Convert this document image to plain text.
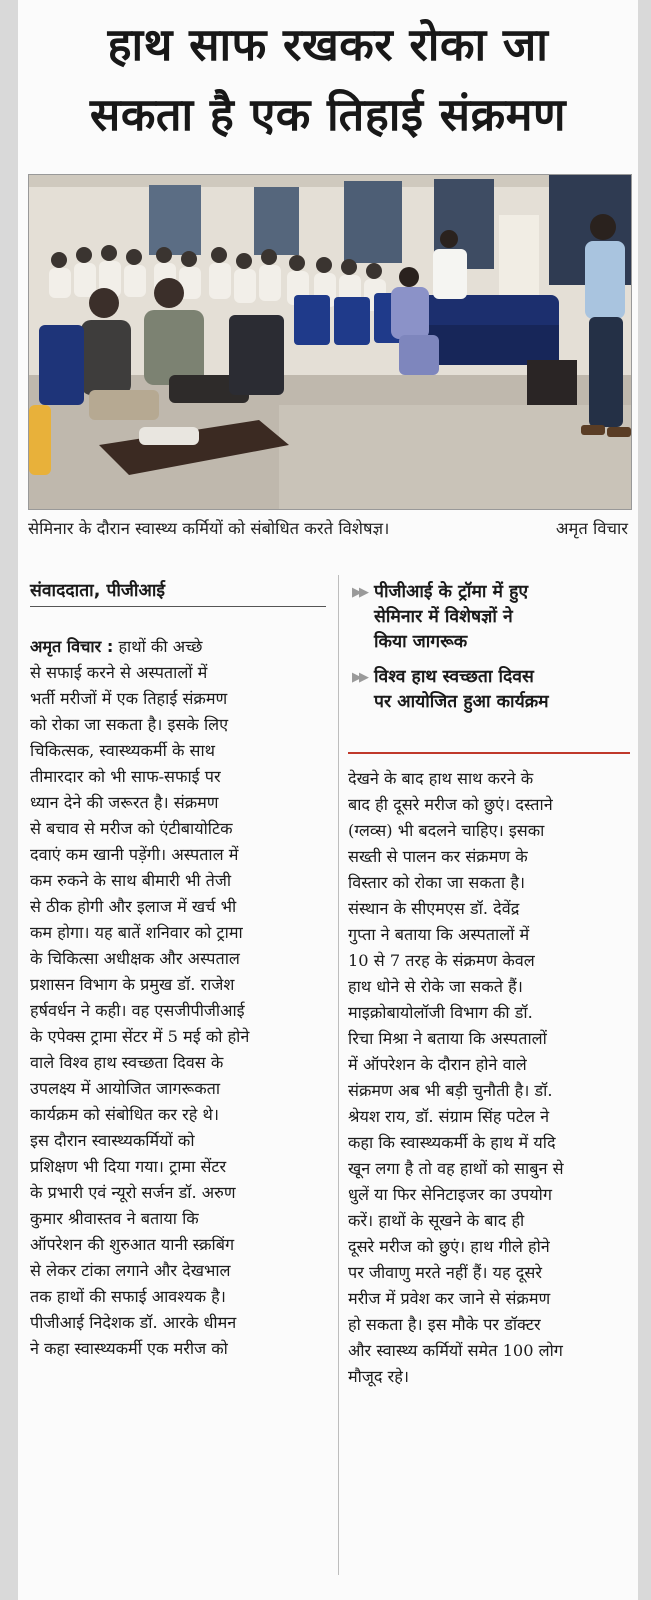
हाथ साफ रखकर रोका जा
सकता है एक तिहाई संक्रमण
सेमिनार के दौरान स्वास्थ्य कर्मियों को संबोधित करते विशेषज्ञ।	अमृत विचार
संवाददाता, पीजीआई	▶▶ पीजीआई के ट्रॉमा में हुए
सेमिनार में विशेषज्ञों ने
किया जागरूक
▶▶ विश्व हाथ स्वच्छता दिवस
पर आयोजित हुआ कार्यक्रम
अमृत विचार : हाथों की अच्छे
से सफाई करने से अस्पतालों में
भर्ती मरीजों में एक तिहाई संक्रमण
को रोका जा सकता है। इसके लिए
चिकित्सक, स्वास्थ्यकर्मी के साथ
तीमारदार को भी साफ-सफाई पर
ध्यान देने की जरूरत है। संक्रमण
से बचाव से मरीज को एंटीबायोटिक
दवाएं कम खानी पड़ेंगी। अस्पताल में
कम रुकने के साथ बीमारी भी तेजी
से ठीक होगी और इलाज में खर्च भी
कम होगा। यह बातें शनिवार को ट्रामा
के चिकित्सा अधीक्षक और अस्पताल
प्रशासन विभाग के प्रमुख डॉ. राजेश
हर्षवर्धन ने कही। वह एसजीपीजीआई
के एपेक्स ट्रामा सेंटर में 5 मई को होने
वाले विश्व हाथ स्वच्छता दिवस के
उपलक्ष्य में आयोजित जागरूकता
कार्यक्रम को संबोधित कर रहे थे।
इस दौरान स्वास्थ्यकर्मियों को
प्रशिक्षण भी दिया गया। ट्रामा सेंटर
के प्रभारी एवं न्यूरो सर्जन डॉ. अरुण
कुमार श्रीवास्तव ने बताया कि
ऑपरेशन की शुरुआत यानी स्क्रबिंग
से लेकर टांका लगाने और देखभाल
तक हाथों की सफाई आवश्यक है।
पीजीआई निदेशक डॉ. आरके धीमन
ने कहा स्वास्थ्यकर्मी एक मरीज को
देखने के बाद हाथ साथ करने के
बाद ही दूसरे मरीज को छुएं। दस्ताने
(ग्लव्स) भी बदलने चाहिए। इसका
सख्ती से पालन कर संक्रमण के
विस्तार को रोका जा सकता है।
संस्थान के सीएमएस डॉ. देवेंद्र
गुप्ता ने बताया कि अस्पतालों में
10 से 7 तरह के संक्रमण केवल
हाथ धोने से रोके जा सकते हैं।
माइक्रोबायोलॉजी विभाग की डॉ.
रिचा मिश्रा ने बताया कि अस्पतालों
में ऑपरेशन के दौरान होने वाले
संक्रमण अब भी बड़ी चुनौती है। डॉ.
श्रेयश राय, डॉ. संग्राम सिंह पटेल ने
कहा कि स्वास्थ्यकर्मी के हाथ में यदि
खून लगा है तो वह हाथों को साबुन से
धुलें या फिर सेनिटाइजर का उपयोग
करें। हाथों के सूखने के बाद ही
दूसरे मरीज को छुएं। हाथ गीले होने
पर जीवाणु मरते नहीं हैं। यह दूसरे
मरीज में प्रवेश कर जाने से संक्रमण
हो सकता है। इस मौके पर डॉक्टर
और स्वास्थ्य कर्मियों समेत 100 लोग
मौजूद रहे।
